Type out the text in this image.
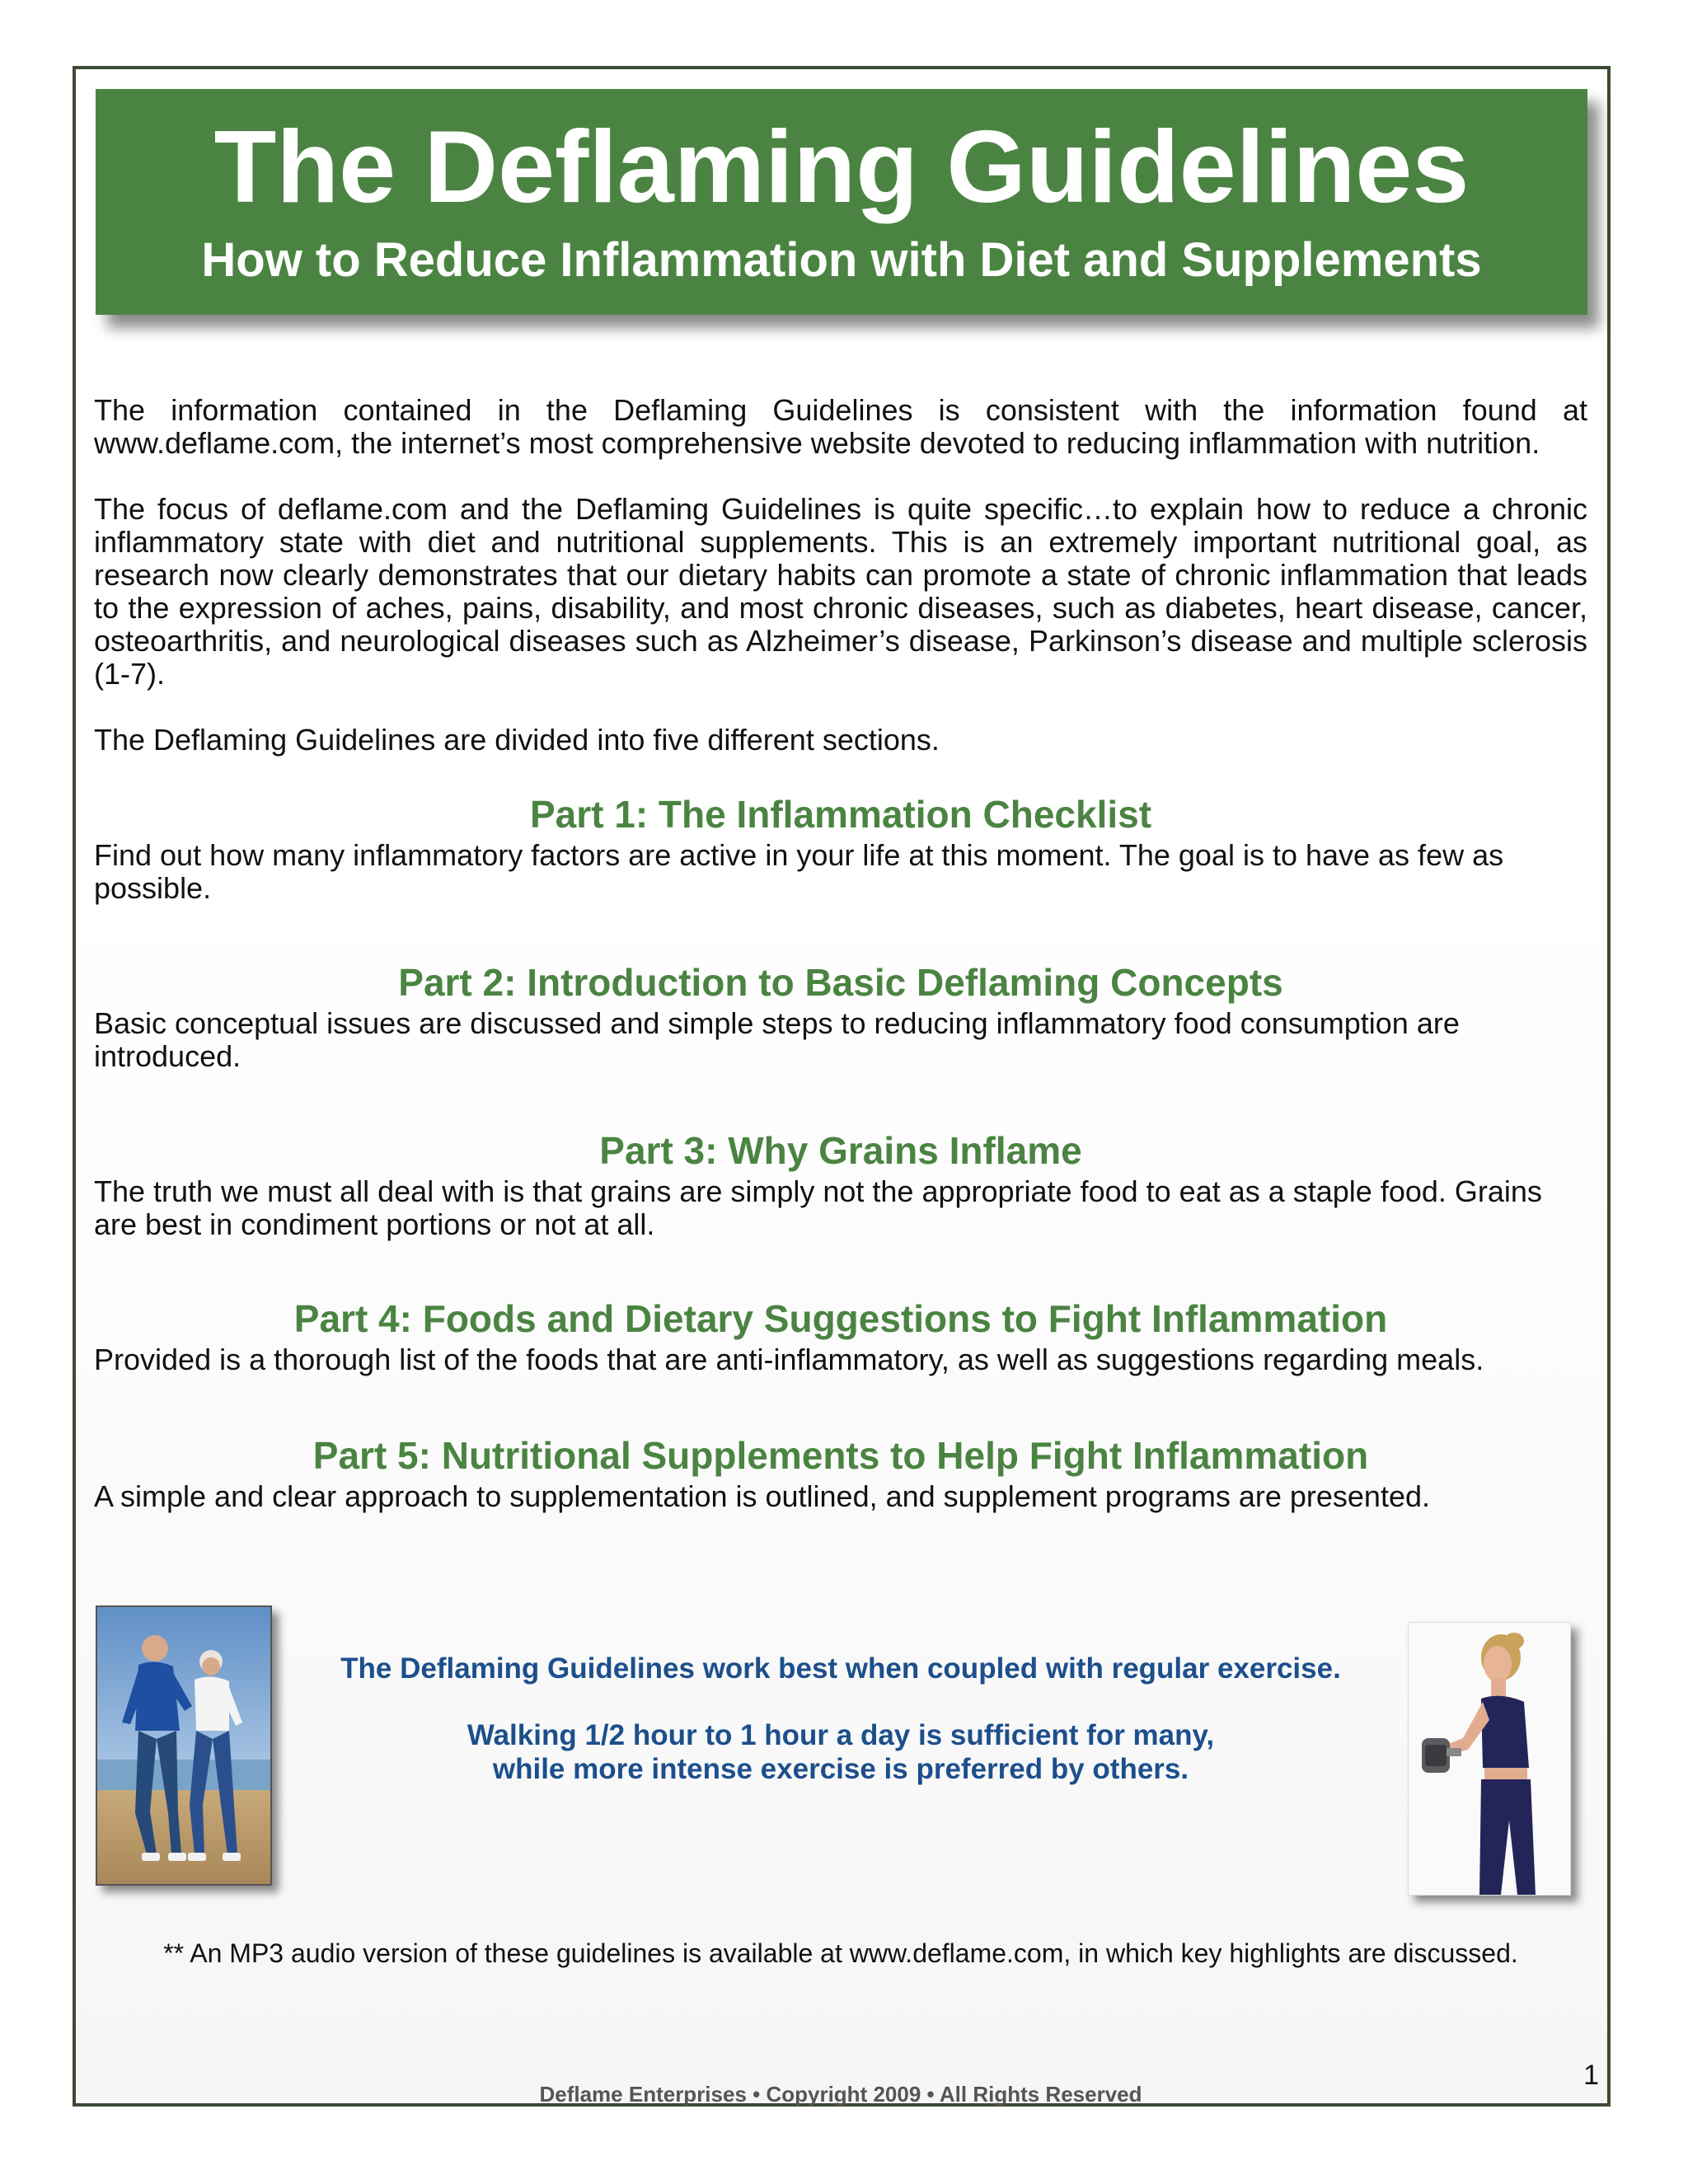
The Deflaming Guidelines
How to Reduce Inflammation with Diet and Supplements
The information contained in the Deflaming Guidelines is consistent with the information found at www.deflame.com, the internet’s most comprehensive website devoted to reducing inflammation with nutrition.
The focus of deflame.com and the Deflaming Guidelines is quite specific…to explain how to reduce a chronic inflammatory state with diet and nutritional supplements. This is an extremely important nutritional goal, as research now clearly demonstrates that our dietary habits can promote a state of chronic inflammation that leads to the expression of aches, pains, disability, and most chronic diseases, such as diabetes, heart disease, cancer, osteoarthritis, and neurological diseases such as Alzheimer’s disease, Parkinson’s disease and multiple sclerosis (1-7).
The Deflaming Guidelines are divided into five different sections.
Part 1: The Inflammation Checklist
Find out how many inflammatory factors are active in your life at this moment. The goal is to have as few as possible.
Part 2: Introduction to Basic Deflaming Concepts
Basic conceptual issues are discussed and simple steps to reducing inflammatory food consumption are introduced.
Part 3: Why Grains Inflame
The truth we must all deal with is that grains are simply not the appropriate food to eat as a staple food. Grains are best in condiment portions or not at all.
Part 4: Foods and Dietary Suggestions to Fight Inflammation
Provided is a thorough list of the foods that are anti-inflammatory, as well as suggestions regarding meals.
Part 5: Nutritional Supplements to Help Fight Inflammation
A simple and clear approach to supplementation is outlined, and supplement programs are presented.
The Deflaming Guidelines work best when coupled with regular exercise.
Walking 1/2 hour to 1 hour a day is sufficient for many,
while more intense exercise is preferred by others.
** An MP3 audio version of these guidelines is available at www.deflame.com, in which key highlights are discussed.
Deflame Enterprises • Copyright 2009 • All Rights Reserved
1
